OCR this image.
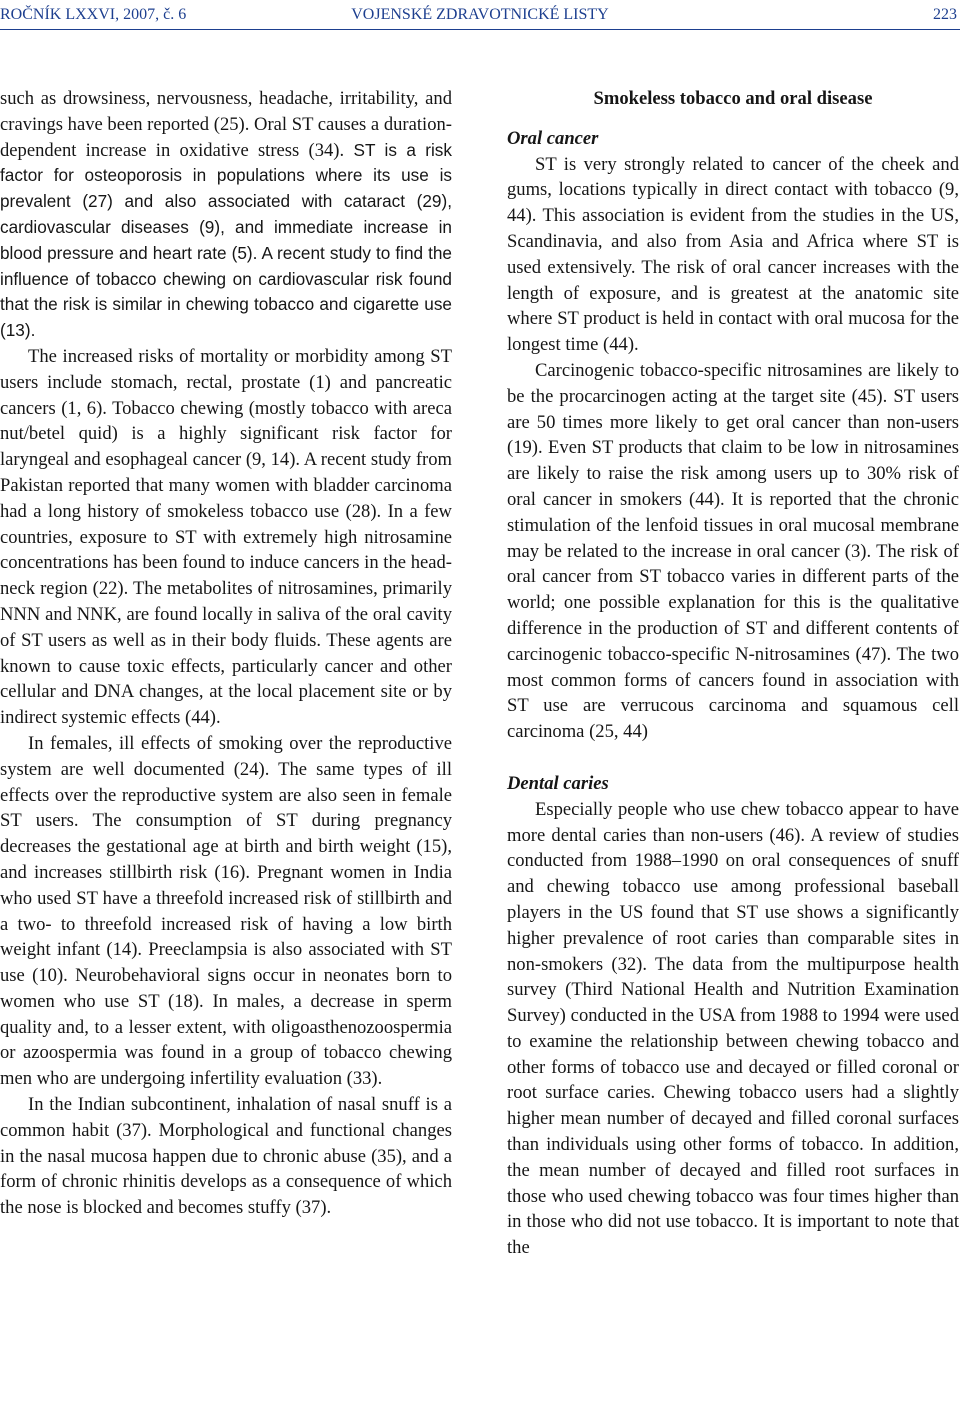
ROČNÍK LXXVI, 2007, č. 6	VOJENSKÉ ZDRAVOTNICKÉ LISTY	223

such as drowsiness, nervousness, headache, irritability, and cravings have been reported (25). Oral ST causes a duration-dependent increase in oxidative stress (34). ST is a risk factor for osteoporosis in populations where its use is prevalent (27) and also associated with cataract (29), cardiovascular diseases (9), and immediate increase in blood pressure and heart rate (5). A recent study to find the influence of tobacco chewing on cardiovascular risk found that the risk is similar in chewing tobacco and cigarette use (13).

The increased risks of mortality or morbidity among ST users include stomach, rectal, prostate (1) and pancreatic cancers (1, 6). Tobacco chewing (mostly tobacco with areca nut/betel quid) is a highly significant risk factor for laryngeal and esophageal cancer (9, 14). A recent study from Pakistan reported that many women with bladder carcinoma had a long history of smokeless tobacco use (28). In a few countries, exposure to ST with extremely high nitrosamine concentrations has been found to induce cancers in the head-neck region (22). The metabolites of nitrosamines, primarily NNN and NNK, are found locally in saliva of the oral cavity of ST users as well as in their body fluids. These agents are known to cause toxic effects, particularly cancer and other cellular and DNA changes, at the local placement site or by indirect systemic effects (44).

In females, ill effects of smoking over the reproductive system are well documented (24). The same types of ill effects over the reproductive system are also seen in female ST users. The consumption of ST during pregnancy decreases the gestational age at birth and birth weight (15), and increases stillbirth risk (16). Pregnant women in India who used ST have a threefold increased risk of stillbirth and a two- to threefold increased risk of having a low birth weight infant (14). Preeclampsia is also associated with ST use (10). Neurobehavioral signs occur in neonates born to women who use ST (18). In males, a decrease in sperm quality and, to a lesser extent, with oligoasthenozoospermia or azoospermia was found in a group of tobacco chewing men who are undergoing infertility evaluation (33).

In the Indian subcontinent, inhalation of nasal snuff is a common habit (37). Morphological and functional changes in the nasal mucosa happen due to chronic abuse (35), and a form of chronic rhinitis develops as a consequence of which the nose is blocked and becomes stuffy (37).

Smokeless tobacco and oral disease
Oral cancer

ST is very strongly related to cancer of the cheek and gums, locations typically in direct contact with tobacco (9, 44). This association is evident from the studies in the US, Scandinavia, and also from Asia and Africa where ST is used extensively. The risk of oral cancer increases with the length of exposure, and is greatest at the anatomic site where ST product is held in contact with oral mucosa for the longest time (44).

Carcinogenic tobacco-specific nitrosamines are likely to be the procarcinogen acting at the target site (45). ST users are 50 times more likely to get oral cancer than non-users (19). Even ST products that claim to be low in nitrosamines are likely to raise the risk among users up to 30% risk of oral cancer in smokers (44). It is reported that the chronic stimulation of the lenfoid tissues in oral mucosal membrane may be related to the increase in oral cancer (3). The risk of oral cancer from ST tobacco varies in different parts of the world; one possible explanation for this is the qualitative difference in the production of ST and different contents of carcinogenic tobacco-specific N-nitrosamines (47). The two most common forms of cancers found in association with ST use are verrucous carcinoma and squamous cell carcinoma (25, 44)

Dental caries

Especially people who use chew tobacco appear to have more dental caries than non-users (46). A review of studies conducted from 1988–1990 on oral consequences of snuff and chewing tobacco use among professional baseball players in the US found that ST use shows a significantly higher prevalence of root caries than comparable sites in non-smokers (32). The data from the multipurpose health survey (Third National Health and Nutrition Examination Survey) conducted in the USA from 1988 to 1994 were used to examine the relationship between chewing tobacco and other forms of tobacco use and decayed or filled coronal or root surface caries. Chewing tobacco users had a slightly higher mean number of decayed and filled coronal surfaces than individuals using other forms of tobacco. In addition, the mean number of decayed and filled root surfaces in those who used chewing tobacco was four times higher than in those who did not use tobacco. It is important to note that the
